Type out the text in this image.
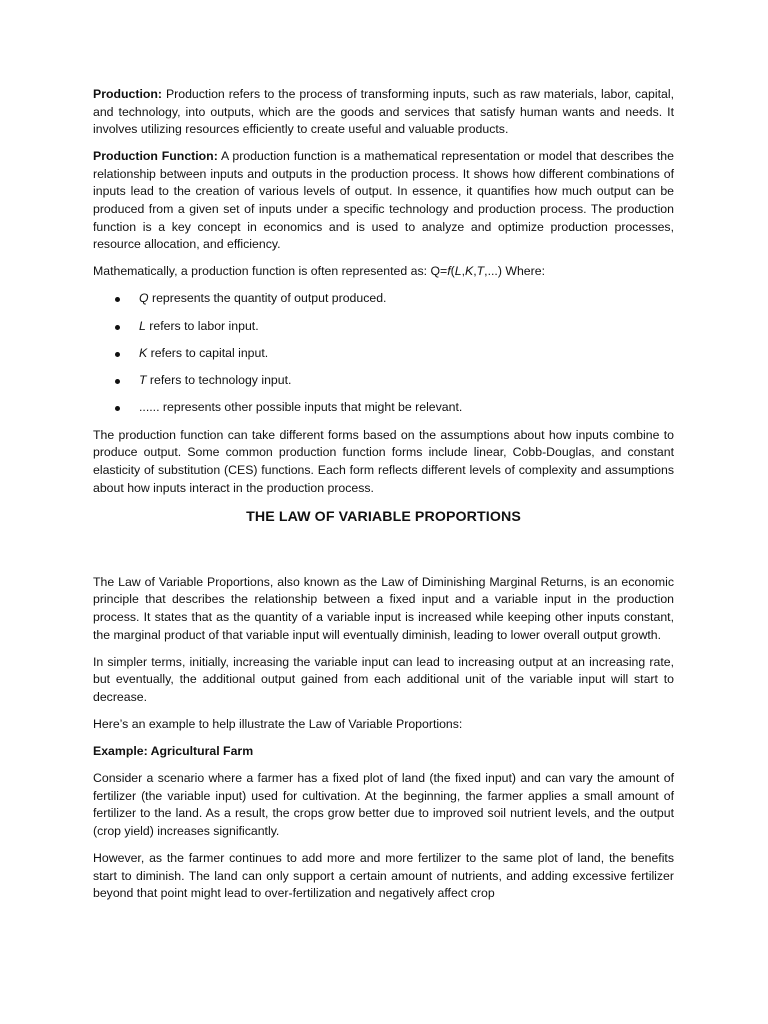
Production: Production refers to the process of transforming inputs, such as raw materials, labor, capital, and technology, into outputs, which are the goods and services that satisfy human wants and needs. It involves utilizing resources efficiently to create useful and valuable products.

Production Function: A production function is a mathematical representation or model that describes the relationship between inputs and outputs in the production process. It shows how different combinations of inputs lead to the creation of various levels of output. In essence, it quantifies how much output can be produced from a given set of inputs under a specific technology and production process. The production function is a key concept in economics and is used to analyze and optimize production processes, resource allocation, and efficiency.

Mathematically, a production function is often represented as: Q=f(L,K,T,...) Where:

Q represents the quantity of output produced.
L refers to labor input.
K refers to capital input.
T refers to technology input.
...... represents other possible inputs that might be relevant.

The production function can take different forms based on the assumptions about how inputs combine to produce output. Some common production function forms include linear, Cobb-Douglas, and constant elasticity of substitution (CES) functions. Each form reflects different levels of complexity and assumptions about how inputs interact in the production process.

THE LAW OF VARIABLE PROPORTIONS

The Law of Variable Proportions, also known as the Law of Diminishing Marginal Returns, is an economic principle that describes the relationship between a fixed input and a variable input in the production process. It states that as the quantity of a variable input is increased while keeping other inputs constant, the marginal product of that variable input will eventually diminish, leading to lower overall output growth.

In simpler terms, initially, increasing the variable input can lead to increasing output at an increasing rate, but eventually, the additional output gained from each additional unit of the variable input will start to decrease.

Here’s an example to help illustrate the Law of Variable Proportions:

Example: Agricultural Farm

Consider a scenario where a farmer has a fixed plot of land (the fixed input) and can vary the amount of fertilizer (the variable input) used for cultivation. At the beginning, the farmer applies a small amount of fertilizer to the land. As a result, the crops grow better due to improved soil nutrient levels, and the output (crop yield) increases significantly.

However, as the farmer continues to add more and more fertilizer to the same plot of land, the benefits start to diminish. The land can only support a certain amount of nutrients, and adding excessive fertilizer beyond that point might lead to over-fertilization and negatively affect crop
